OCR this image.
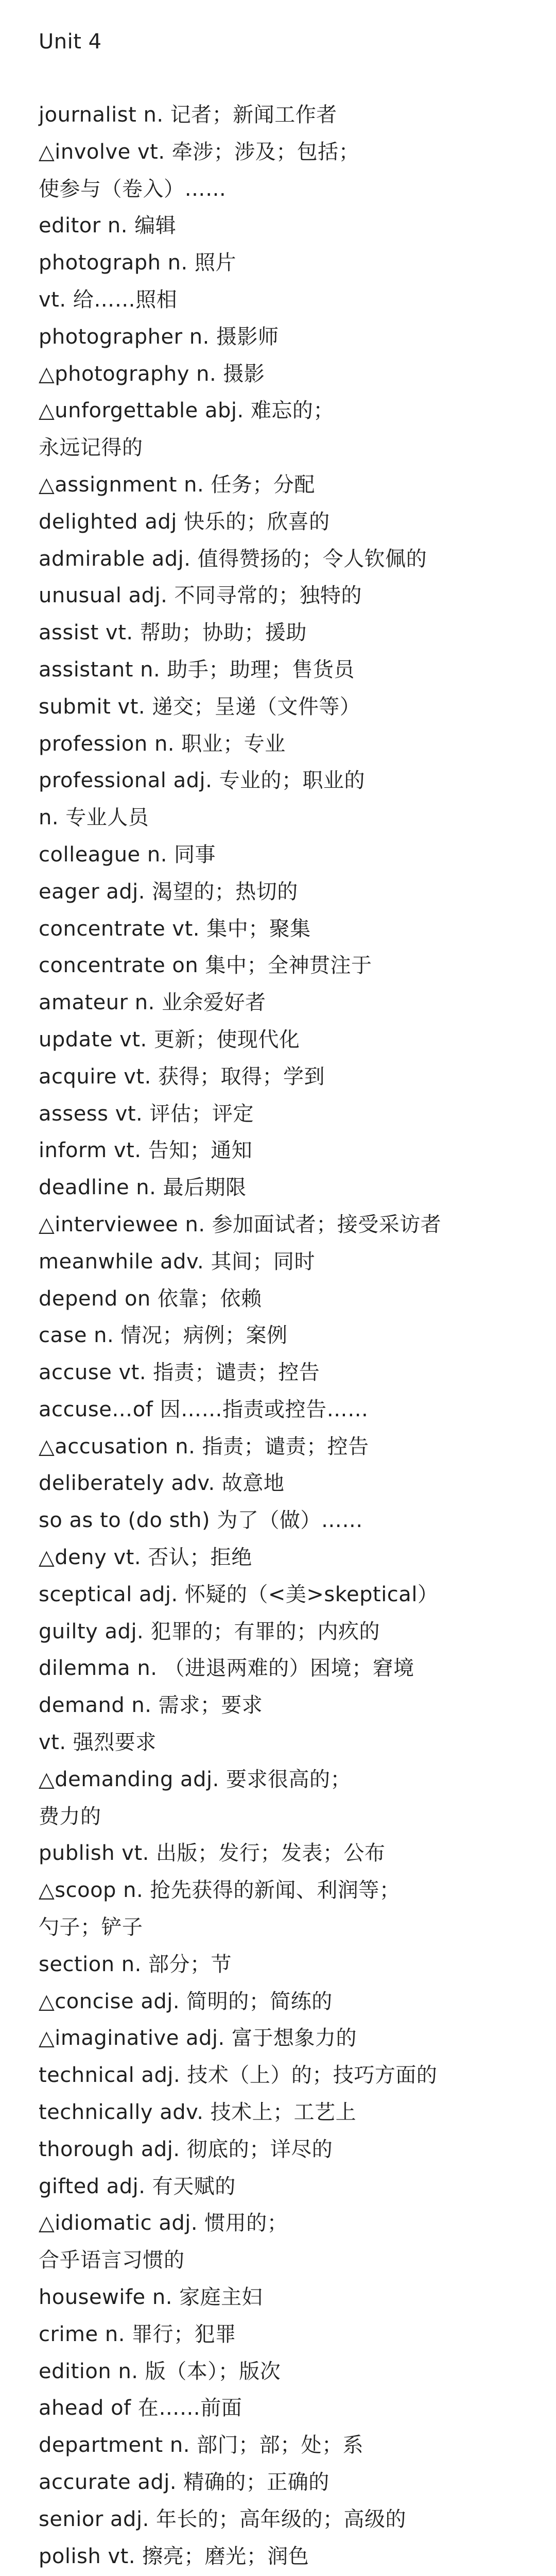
Unit 4
journalist n. 记者；新闻工作者
△involve vt. 牵涉；涉及；包括；
使参与（卷入）……
editor n. 编辑
photograph n. 照片
vt. 给……照相
photographer n. 摄影师
△photography n. 摄影
△unforgettable abj. 难忘的；
永远记得的
△assignment n. 任务；分配
delighted adj 快乐的；欣喜的
admirable adj. 值得赞扬的；令人钦佩的
unusual adj. 不同寻常的；独特的
assist vt. 帮助；协助；援助
assistant n. 助手；助理；售货员
submit vt. 递交；呈递（文件等）
profession n. 职业；专业
professional adj. 专业的；职业的
n. 专业人员
colleague n. 同事
eager adj. 渴望的；热切的
concentrate vt. 集中；聚集
concentrate on 集中；全神贯注于
amateur n. 业余爱好者
update vt. 更新；使现代化
acquire vt. 获得；取得；学到
assess vt. 评估；评定
inform vt. 告知；通知
deadline n. 最后期限
△interviewee n. 参加面试者；接受采访者
meanwhile adv. 其间；同时
depend on 依靠；依赖
case n. 情况；病例；案例
accuse vt. 指责；谴责；控告
accuse…of 因……指责或控告……
△accusation n. 指责；谴责；控告
deliberately adv. 故意地
so as to (do sth) 为了（做）……
△deny vt. 否认；拒绝
sceptical adj. 怀疑的（<美>skeptical）
guilty adj. 犯罪的；有罪的；内疚的
dilemma n. （进退两难的）困境；窘境
demand n. 需求；要求
vt. 强烈要求
△demanding adj. 要求很高的；
费力的
publish vt. 出版；发行；发表；公布
△scoop n. 抢先获得的新闻、利润等；
勺子；铲子
section n. 部分；节
△concise adj. 简明的；简练的
△imaginative adj. 富于想象力的
technical adj. 技术（上）的；技巧方面的
technically adv. 技术上；工艺上
thorough adj. 彻底的；详尽的
gifted adj. 有天赋的
△idiomatic adj. 惯用的；
合乎语言习惯的
housewife n. 家庭主妇
crime n. 罪行；犯罪
edition n. 版（本）；版次
ahead of 在……前面
department n. 部门；部；处；系
accurate adj. 精确的；正确的
senior adj. 年长的；高年级的；高级的
polish vt. 擦亮；磨光；润色
